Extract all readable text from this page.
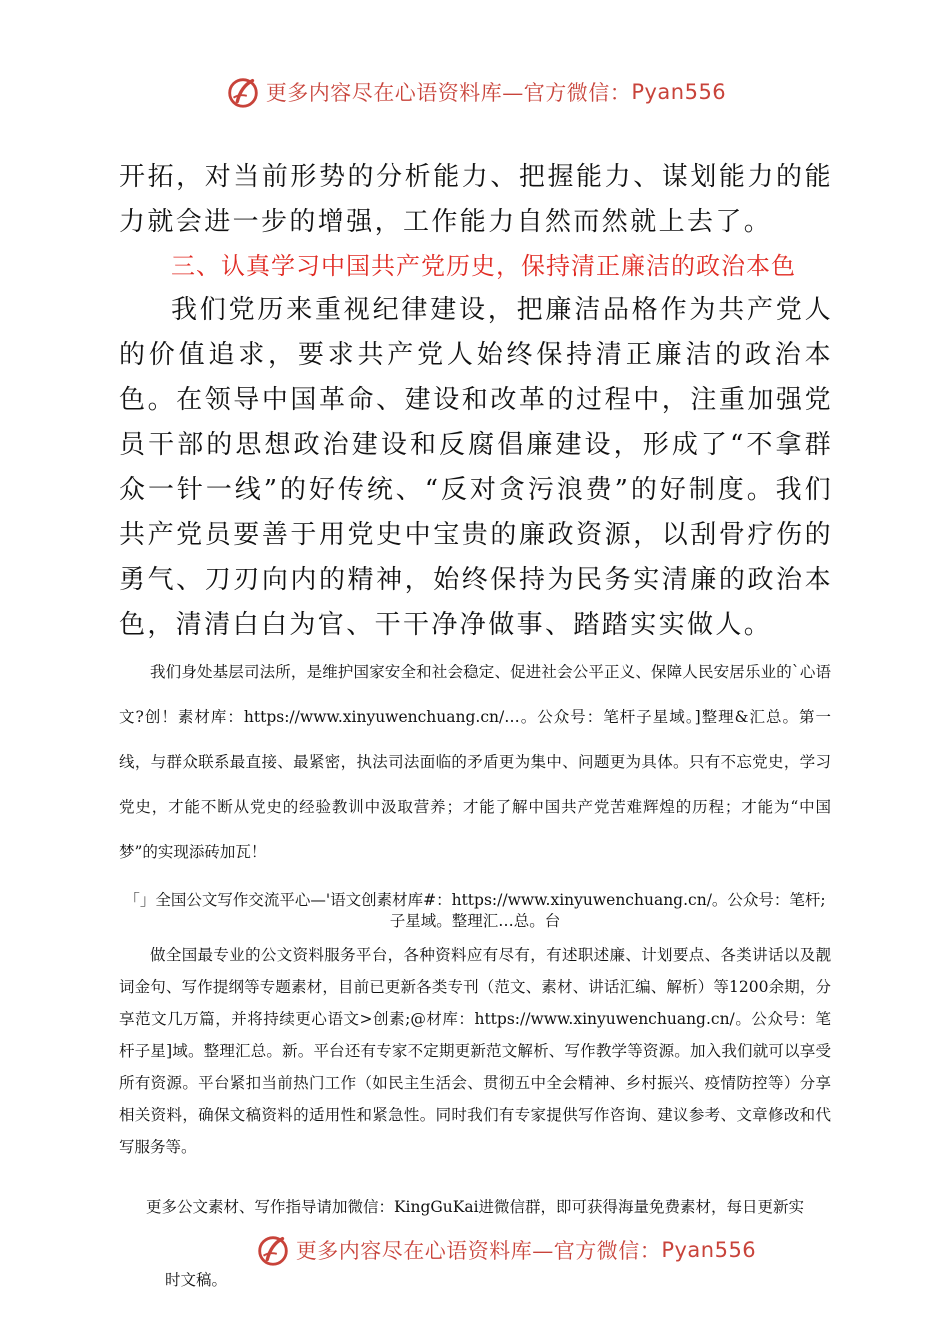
更多内容尽在心语资料库—官方微信： Pyan556

开拓，对当前形势的分析能力、把握能力、谋划能力的能力就会进一步的增强，工作能力自然而然就上去了。

三、认真学习中国共产党历史，保持清正廉洁的政治本色

我们党历来重视纪律建设，把廉洁品格作为共产党人的价值追求，要求共产党人始终保持清正廉洁的政治本色。在领导中国革命、建设和改革的过程中，注重加强党员干部的思想政治建设和反腐倡廉建设，形成了“不拿群众一针一线”的好传统、“反对贪污浪费”的好制度。我们共产党员要善于用党史中宝贵的廉政资源，以刮骨疗伤的勇气、刀刃向内的精神，始终保持为民务实清廉的政治本色，清清白白为官、干干净净做事、踏踏实实做人。

我们身处基层司法所，是维护国家安全和社会稳定、促进社会公平正义、保障人民安居乐业的`心语文?创！素材库：https://www.xinyuwenchuang.cn/…。公众号：笔杆子星域。]整理&汇总。第一线，与群众联系最直接、最紧密，执法司法面临的矛盾更为集中、问题更为具体。只有不忘党史，学习党史，才能不断从党史的经验教训中汲取营养；才能了解中国共产党苦难辉煌的历程；才能为“中国梦”的实现添砖加瓦！

「」全国公文写作交流平心—'语文创素材库#：https://www.xinyuwenchuang.cn/。公众号：笔杆;子星域。整理汇…总。台

做全国最专业的公文资料服务平台，各种资料应有尽有，有述职述廉、计划要点、各类讲话以及靓词金句、写作提纲等专题素材，目前已更新各类专刊（范文、素材、讲话汇编、解析）等1200余期，分享范文几万篇，并将持续更心语文>创素;@材库：https://www.xinyuwenchuang.cn/。公众号：笔杆子星]域。整理汇总。新。平台还有专家不定期更新范文解析、写作教学等资源。加入我们就可以享受所有资源。平台紧扣当前热门工作（如民主生活会、贯彻五中全会精神、乡村振兴、疫情防控等）分享相关资料，确保文稿资料的适用性和紧急性。同时我们有专家提供写作咨询、建议参考、文章修改和代写服务等。

更多公文素材、写作指导请加微信：KingGuKai进微信群，即可获得海量免费素材，每日更新实

更多内容尽在心语资料库—官方微信： Pyan556

时文稿。
